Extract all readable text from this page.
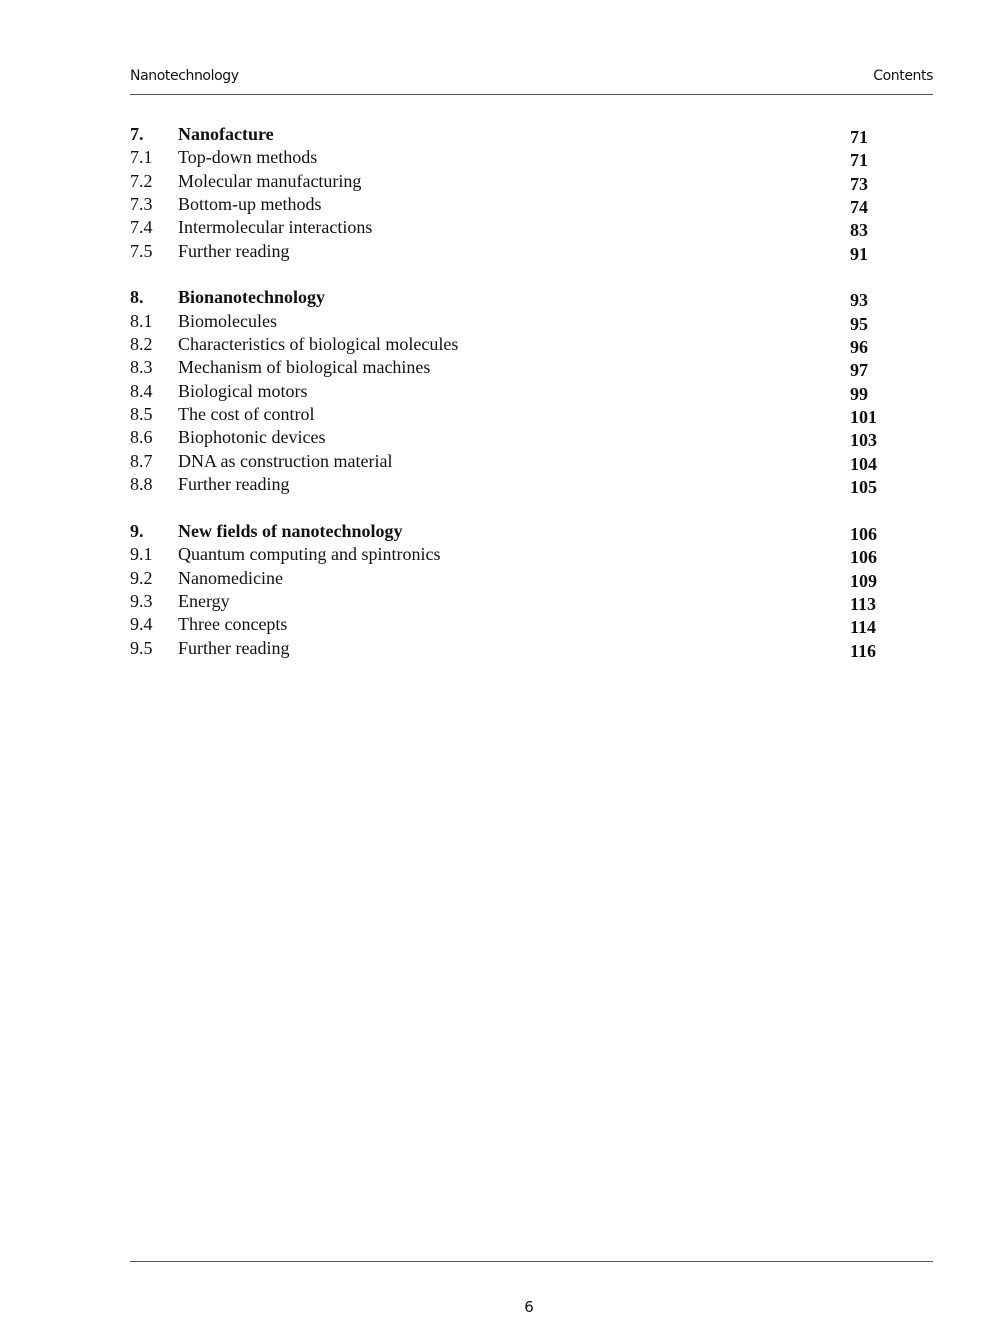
Nanotechnology	Contents
7. Nanofacture	71
7.1 Top-down methods	71
7.2 Molecular manufacturing	73
7.3 Bottom-up methods	74
7.4 Intermolecular interactions	83
7.5 Further reading	91
8. Bionanotechnology	93
8.1 Biomolecules	95
8.2 Characteristics of biological molecules	96
8.3 Mechanism of biological machines	97
8.4 Biological motors	99
8.5 The cost of control	101
8.6 Biophotonic devices	103
8.7 DNA as construction material	104
8.8 Further reading	105
9. New fields of nanotechnology	106
9.1 Quantum computing and spintronics	106
9.2 Nanomedicine	109
9.3 Energy	113
9.4 Three concepts	114
9.5 Further reading	116
6
